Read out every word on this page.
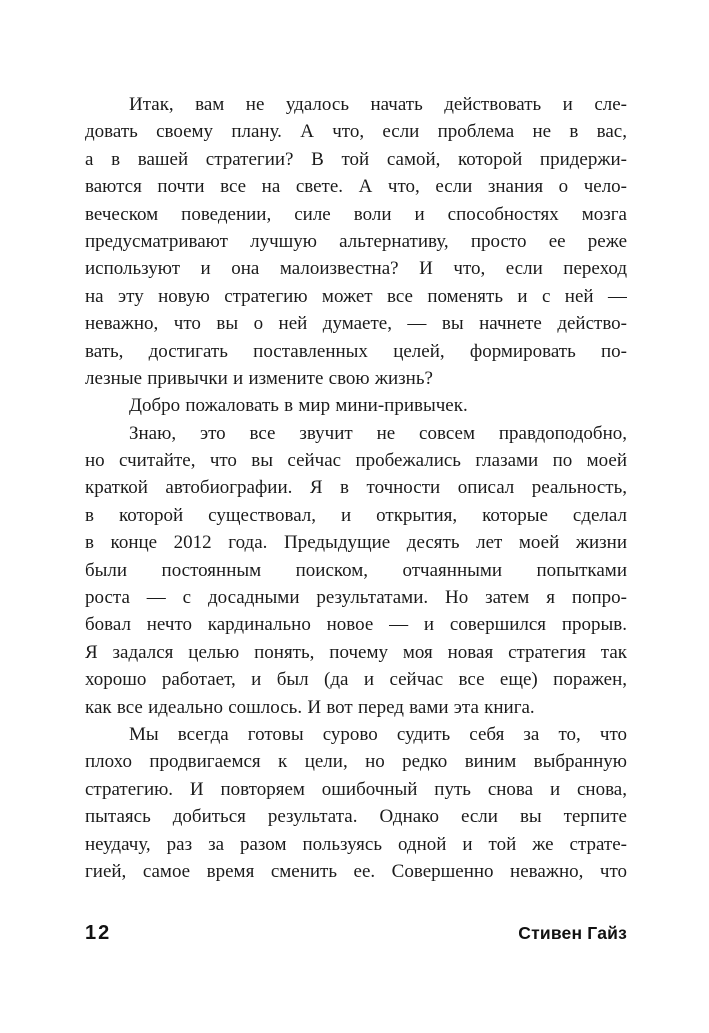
Итак, вам не удалось начать действовать и сле-
довать своему плану. А что, если проблема не в вас,
а в вашей стратегии? В той самой, которой придержи-
ваются почти все на свете. А что, если знания о чело-
веческом поведении, силе воли и способностях мозга
предусматривают лучшую альтернативу, просто ее реже
используют и она малоизвестна? И что, если переход
на эту новую стратегию может все поменять и с ней —
неважно, что вы о ней думаете, — вы начнете действо-
вать, достигать поставленных целей, формировать по-
лезные привычки и измените свою жизнь?
Добро пожаловать в мир мини-привычек.
Знаю, это все звучит не совсем правдоподобно,
но считайте, что вы сейчас пробежались глазами по моей
краткой автобиографии. Я в точности описал реальность,
в которой существовал, и открытия, которые сделал
в конце 2012 года. Предыдущие десять лет моей жизни
были постоянным поиском, отчаянными попытками
роста — с досадными результатами. Но затем я попро-
бовал нечто кардинально новое — и совершился прорыв.
Я задался целью понять, почему моя новая стратегия так
хорошо работает, и был (да и сейчас все еще) поражен,
как все идеально сошлось. И вот перед вами эта книга.
Мы всегда готовы сурово судить себя за то, что
плохо продвигаемся к цели, но редко виним выбранную
стратегию. И повторяем ошибочный путь снова и снова,
пытаясь добиться результата. Однако если вы терпите
неудачу, раз за разом пользуясь одной и той же страте-
гией, самое время сменить ее. Совершенно неважно, что
12	Стивен Гайз
